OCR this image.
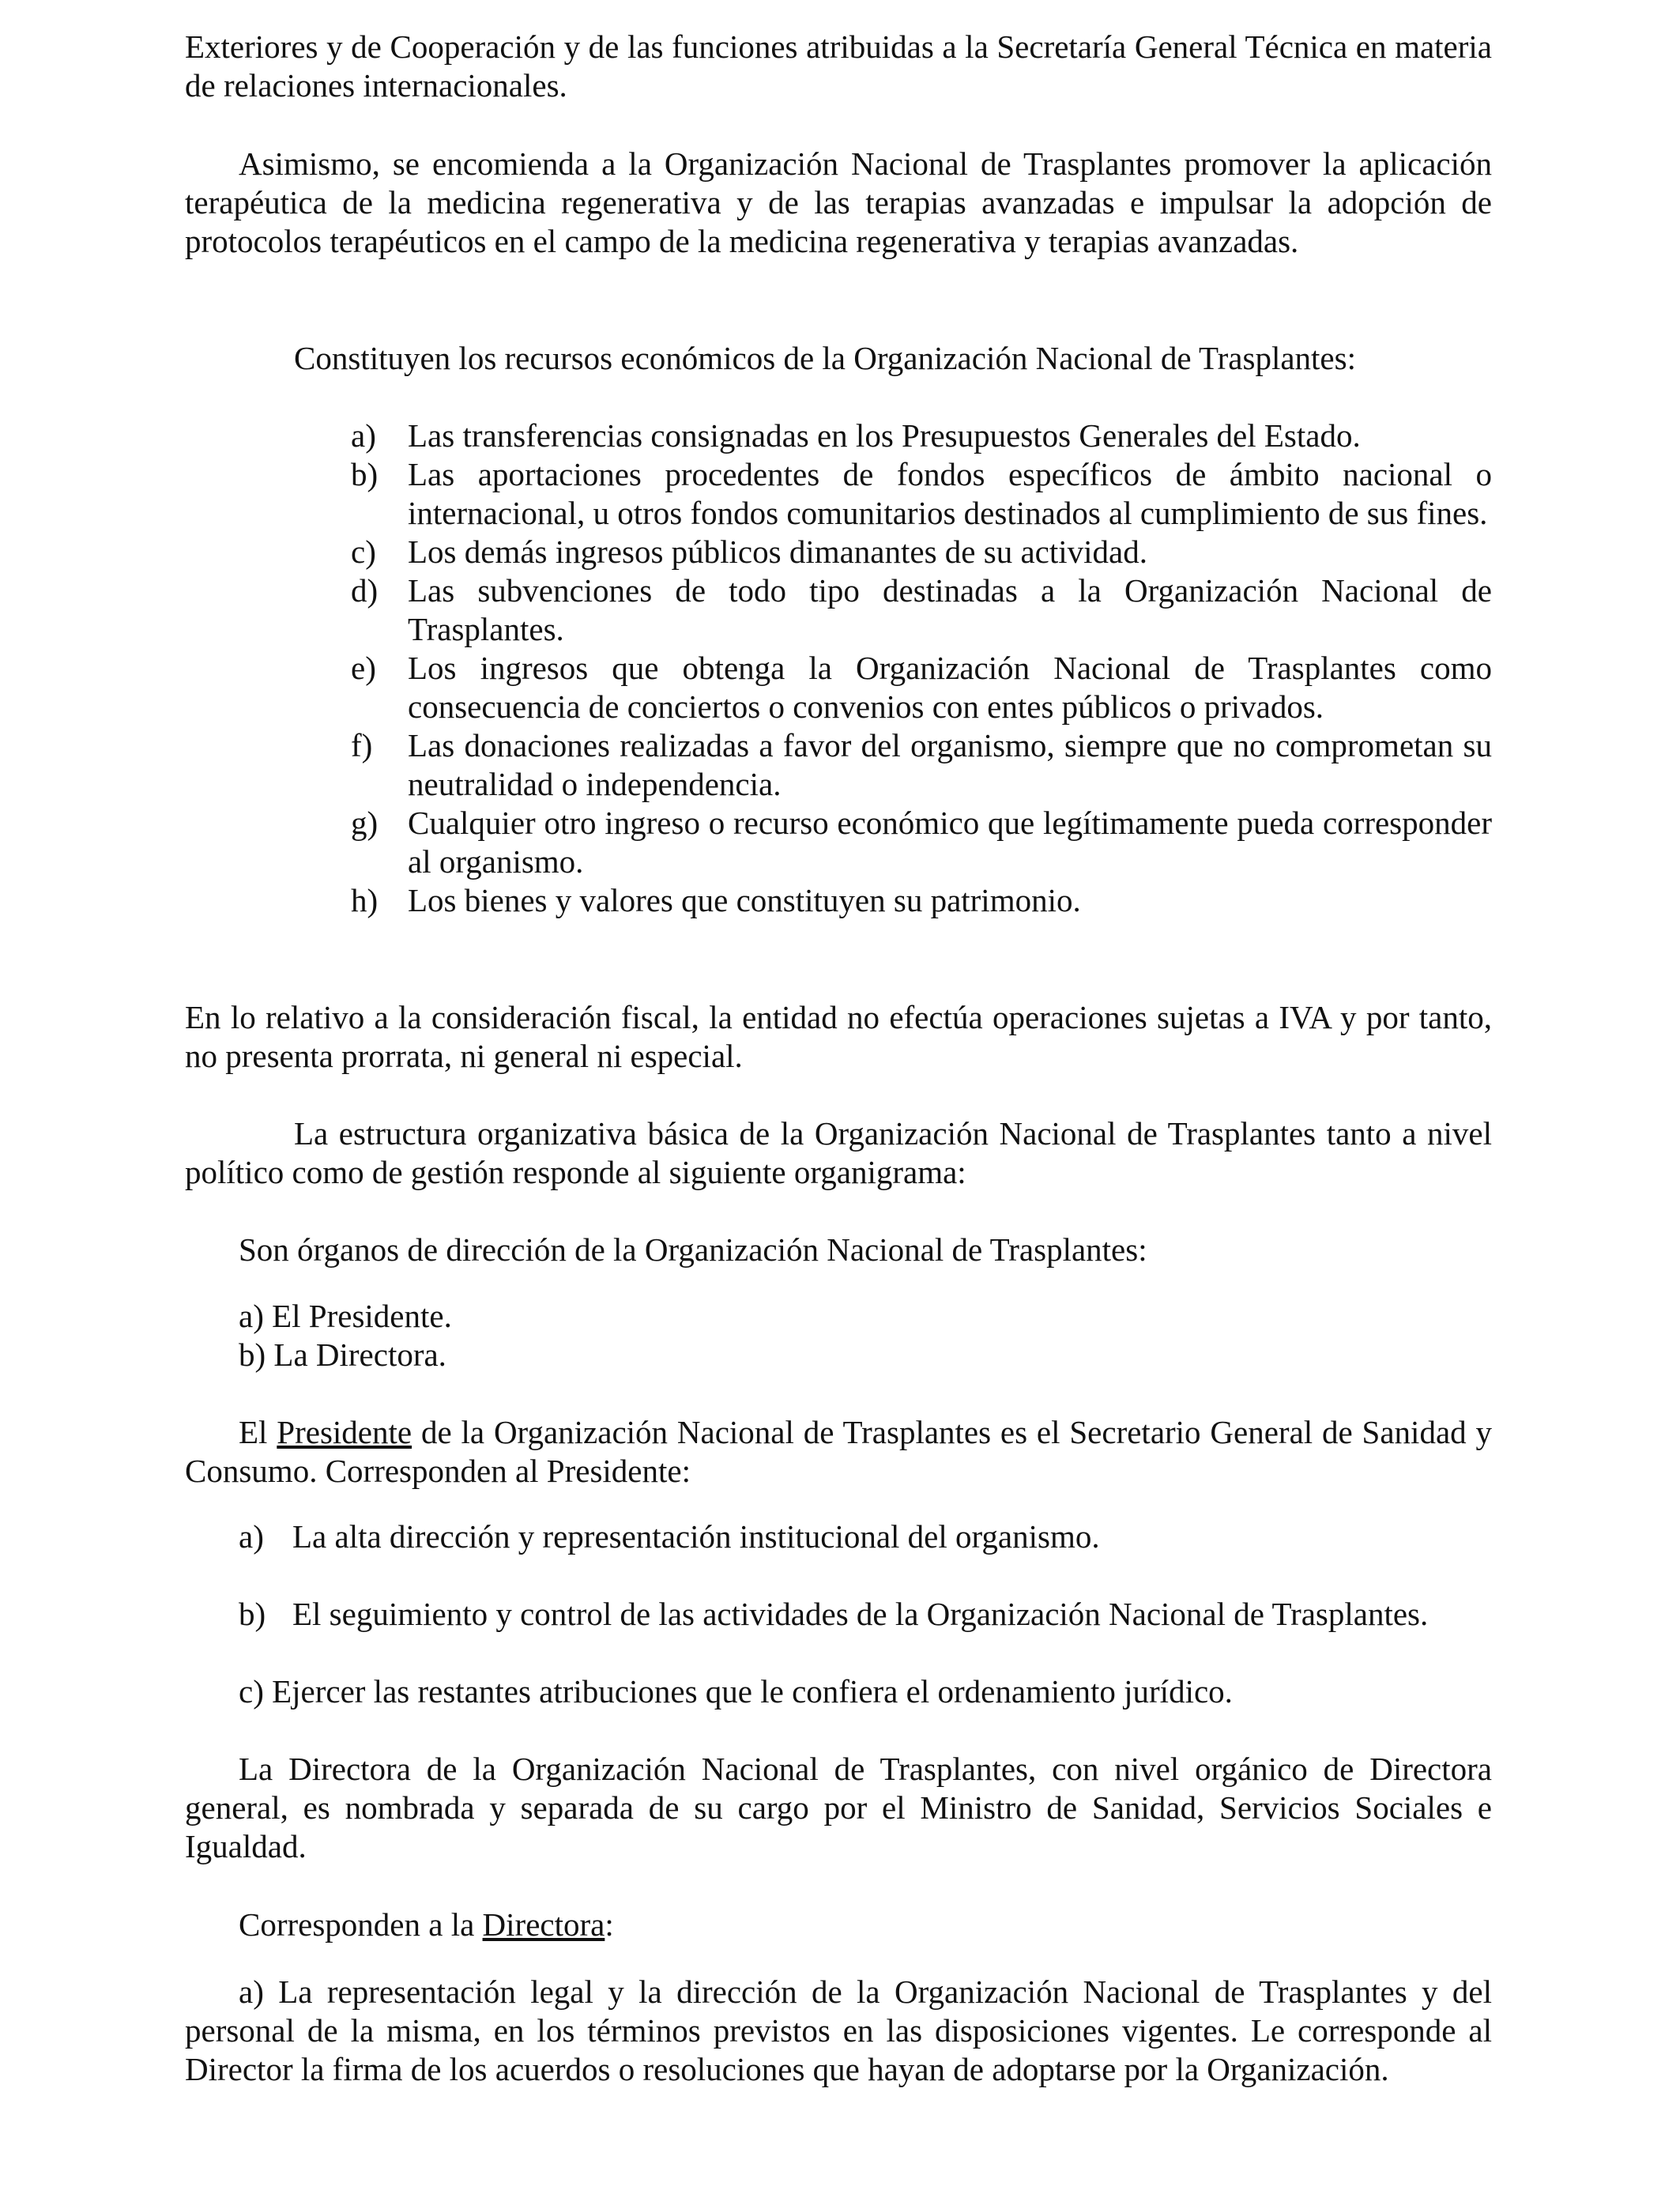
Exteriores y de Cooperación y de las funciones atribuidas a la Secretaría General Técnica en materia de relaciones internacionales.

Asimismo, se encomienda a la Organización Nacional de Trasplantes promover la aplicación terapéutica de la medicina regenerativa y de las terapias avanzadas e impulsar la adopción de protocolos terapéuticos en el campo de la medicina regenerativa y terapias avanzadas.

Constituyen los recursos económicos de la Organización Nacional de Trasplantes:

a) Las transferencias consignadas en los Presupuestos Generales del Estado.
b) Las aportaciones procedentes de fondos específicos de ámbito nacional o internacional, u otros fondos comunitarios destinados al cumplimiento de sus fines.
c) Los demás ingresos públicos dimanantes de su actividad.
d) Las subvenciones de todo tipo destinadas a la Organización Nacional de Trasplantes.
e) Los ingresos que obtenga la Organización Nacional de Trasplantes como consecuencia de conciertos o convenios con entes públicos o privados.
f) Las donaciones realizadas a favor del organismo, siempre que no comprometan su neutralidad o independencia.
g) Cualquier otro ingreso o recurso económico que legítimamente pueda corresponder al organismo.
h) Los bienes y valores que constituyen su patrimonio.

En lo relativo a la consideración fiscal, la entidad no efectúa operaciones sujetas a IVA y por tanto, no presenta prorrata, ni general ni especial.

La estructura organizativa básica de la Organización Nacional de Trasplantes tanto a nivel político como de gestión responde al siguiente organigrama:

Son órganos de dirección de la Organización Nacional de Trasplantes:

a) El Presidente.

b) La Directora.

El Presidente de la Organización Nacional de Trasplantes es el Secretario General de Sanidad y Consumo. Corresponden al Presidente:

a) La alta dirección y representación institucional del organismo.

b) El seguimiento y control de las actividades de la Organización Nacional de Trasplantes.

c) Ejercer las restantes atribuciones que le confiera el ordenamiento jurídico.

La Directora de la Organización Nacional de Trasplantes, con nivel orgánico de Directora general, es nombrada y separada de su cargo por el Ministro de Sanidad, Servicios Sociales e Igualdad.

Corresponden a la Directora:

a) La representación legal y la dirección de la Organización Nacional de Trasplantes y del personal de la misma, en los términos previstos en las disposiciones vigentes. Le corresponde al Director la firma de los acuerdos o resoluciones que hayan de adoptarse por la Organización.
